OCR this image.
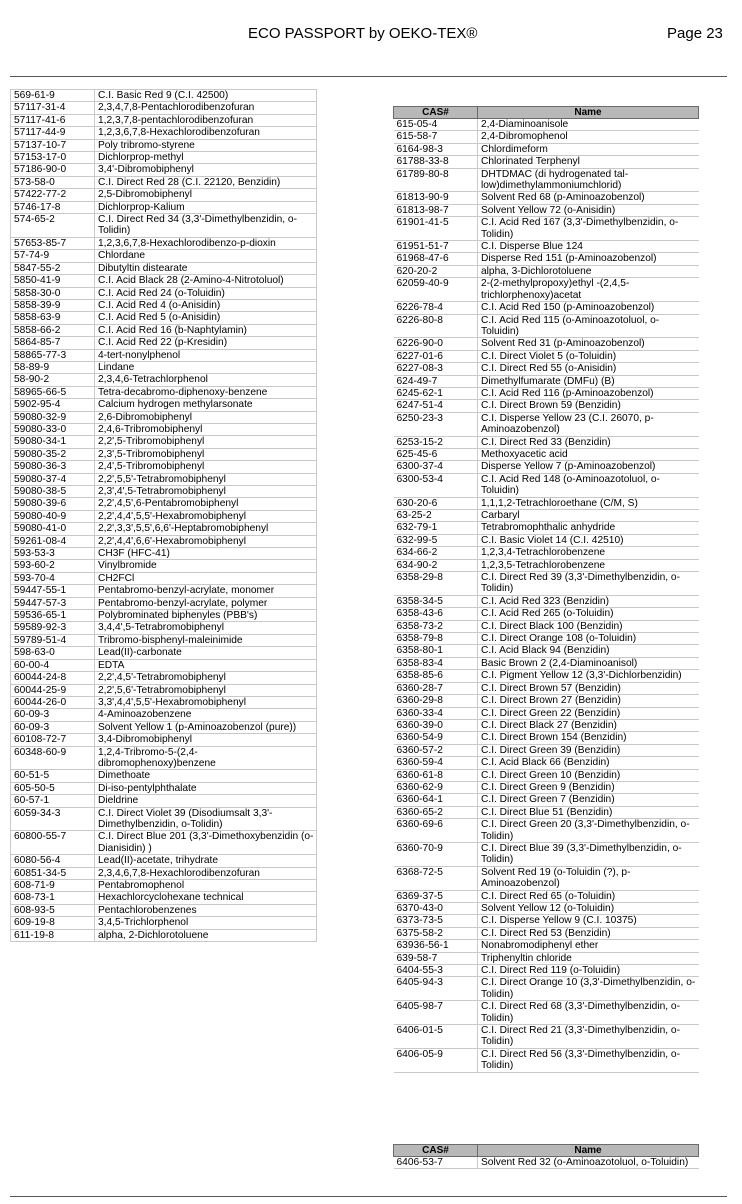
ECO PASSPORT by OEKO-TEX®	Page 23
569-61-9	C.I. Basic Red 9 (C.I. 42500)
57117-31-4	2,3,4,7,8-Pentachlorodibenzofuran
57117-41-6	1,2,3,7,8-pentachlorodibenzofuran
57117-44-9	1,2,3,6,7,8-Hexachlorodibenzofuran
57137-10-7	Poly tribromo-styrene
57153-17-0	Dichlorprop-methyl
57186-90-0	3,4'-Dibromobiphenyl
573-58-0	C.I. Direct Red 28 (C.I. 22120, Benzidin)
57422-77-2	2,5-Dibromobiphenyl
5746-17-8	Dichlorprop-Kalium
574-65-2	C.I. Direct Red 34 (3,3'-Dimethylbenzidin, o-Tolidin)
57653-85-7	1,2,3,6,7,8-Hexachlorodibenzo-p-dioxin
57-74-9	Chlordane
5847-55-2	Dibutyltin distearate
5850-41-9	C.I. Acid Black 28 (2-Amino-4-Nitrotoluol)
5858-30-0	C.I. Acid Red 24 (o-Toluidin)
5858-39-9	C.I. Acid Red 4 (o-Anisidin)
5858-63-9	C.I. Acid Red 5 (o-Anisidin)
5858-66-2	C.I. Acid Red 16 (b-Naphtylamin)
5864-85-7	C.I. Acid Red 22 (p-Kresidin)
58865-77-3	4-tert-nonylphenol
58-89-9	Lindane
58-90-2	2,3,4,6-Tetrachlorphenol
58965-66-5	Tetra-decabromo-diphenoxy-benzene
5902-95-4	Calcium hydrogen methylarsonate
59080-32-9	2,6-Dibromobiphenyl
59080-33-0	2,4,6-Tribromobiphenyl
59080-34-1	2,2',5-Tribromobiphenyl
59080-35-2	2,3',5-Tribromobiphenyl
59080-36-3	2,4',5-Tribromobiphenyl
59080-37-4	2,2',5,5'-Tetrabromobiphenyl
59080-38-5	2,3',4',5-Tetrabromobiphenyl
59080-39-6	2,2',4,5',6-Pentabromobiphenyl
59080-40-9	2,2',4,4',5,5'-Hexabromobiphenyl
59080-41-0	2,2',3,3',5,5',6,6'-Heptabromobiphenyl
59261-08-4	2,2',4,4',6,6'-Hexabromobiphenyl
593-53-3	CH3F (HFC-41)
593-60-2	Vinylbromide
593-70-4	CH2FCl
59447-55-1	Pentabromo-benzyl-acrylate, monomer
59447-57-3	Pentabromo-benzyl-acrylate, polymer
59536-65-1	Polybrominated biphenyles (PBB's)
59589-92-3	3,4,4',5-Tetrabromobiphenyl
59789-51-4	Tribromo-bisphenyl-maleinimide
598-63-0	Lead(II)-carbonate
60-00-4	EDTA
60044-24-8	2,2',4,5'-Tetrabromobiphenyl
60044-25-9	2,2',5,6'-Tetrabromobiphenyl
60044-26-0	3,3',4,4',5,5'-Hexabromobiphenyl
60-09-3	4-Aminoazobenzene
60-09-3	Solvent Yellow 1 (p-Aminoazobenzol (pure))
60108-72-7	3,4-Dibromobiphenyl
60348-60-9	1,2,4-Tribromo-5-(2,4-dibromophenoxy)benzene
60-51-5	Dimethoate
605-50-5	Di-iso-pentylphthalate
60-57-1	Dieldrine
6059-34-3	C.I. Direct Violet 39 (Disodiumsalt 3,3'-Dimethylbenzidin, o-Tolidin)
60800-55-7	C.I. Direct Blue 201 (3,3'-Dimethoxybenzidin (o-Dianisidin) )
6080-56-4	Lead(II)-acetate, trihydrate
60851-34-5	2,3,4,6,7,8-Hexachlorodibenzofuran
608-71-9	Pentabromophenol
608-73-1	Hexachlorcyclohexane technical
608-93-5	Pentachlorobenzenes
609-19-8	3,4,5-Trichlorphenol
611-19-8	alpha, 2-Dichlorotoluene
CAS#	Name
615-05-4	2,4-Diaminoanisole
615-58-7	2,4-Dibromophenol
6164-98-3	Chlordimeform
61788-33-8	Chlorinated Terphenyl
61789-80-8	DHTDMAC (di hydrogenated tal-low)dimethylammoniumchlorid)
61813-90-9	Solvent Red 68 (p-Aminoazobenzol)
61813-98-7	Solvent Yellow 72 (o-Anisidin)
61901-41-5	C.I. Acid Red 167 (3,3'-Dimethylbenzidin, o-Tolidin)
61951-51-7	C.I. Disperse Blue 124
61968-47-6	Disperse Red 151 (p-Aminoazobenzol)
620-20-2	alpha, 3-Dichlorotoluene
62059-40-9	2-(2-methylpropoxy)ethyl -(2,4,5-trichlorphenoxy)acetat
6226-78-4	C.I. Acid Red 150 (p-Aminoazobenzol)
6226-80-8	C.I. Acid Red 115 (o-Aminoazotoluol, o-Toluidin)
6226-90-0	Solvent Red 31 (p-Aminoazobenzol)
6227-01-6	C.I. Direct Violet 5 (o-Toluidin)
6227-08-3	C.I. Direct Red 55 (o-Anisidin)
624-49-7	Dimethylfumarate (DMFu) (B)
6245-62-1	C.I. Acid Red 116 (p-Aminoazobenzol)
6247-51-4	C.I. Direct Brown 59 (Benzidin)
6250-23-3	C.I. Disperse Yellow 23 (C.I. 26070, p-Aminoazobenzol)
6253-15-2	C.I. Direct Red 33 (Benzidin)
625-45-6	Methoxyacetic acid
6300-37-4	Disperse Yellow 7 (p-Aminoazobenzol)
6300-53-4	C.I. Acid Red 148 (o-Aminoazotoluol, o-Toluidin)
630-20-6	1,1,1,2-Tetrachloroethane (C/M, S)
63-25-2	Carbaryl
632-79-1	Tetrabromophthalic anhydride
632-99-5	C.I. Basic Violet 14 (C.I. 42510)
634-66-2	1,2,3,4-Tetrachlorobenzene
634-90-2	1,2,3,5-Tetrachlorobenzene
6358-29-8	C.I. Direct Red 39 (3,3'-Dimethylbenzidin, o-Tolidin)
6358-34-5	C.I. Acid Red 323 (Benzidin)
6358-43-6	C.I. Acid Red 265 (o-Toluidin)
6358-73-2	C.I. Direct Black 100 (Benzidin)
6358-79-8	C.I. Direct Orange 108 (o-Toluidin)
6358-80-1	C.I. Acid Black 94 (Benzidin)
6358-83-4	Basic Brown 2 (2,4-Diaminoanisol)
6358-85-6	C.I. Pigment Yellow 12 (3,3'-Dichlorbenzidin)
6360-28-7	C.I. Direct Brown 57 (Benzidin)
6360-29-8	C.I. Direct Brown 27 (Benzidin)
6360-33-4	C.I. Direct Green 22 (Benzidin)
6360-39-0	C.I. Direct Black 27 (Benzidin)
6360-54-9	C.I. Direct Brown 154 (Benzidin)
6360-57-2	C.I. Direct Green 39 (Benzidin)
6360-59-4	C.I. Acid Black 66 (Benzidin)
6360-61-8	C.I. Direct Green 10 (Benzidin)
6360-62-9	C.I. Direct Green 9 (Benzidin)
6360-64-1	C.I. Direct Green 7 (Benzidin)
6360-65-2	C.I. Direct Blue 51 (Benzidin)
6360-69-6	C.I. Direct Green 20 (3,3'-Dimethylbenzidin, o-Tolidin)
6360-70-9	C.I. Direct Blue 39 (3,3'-Dimethylbenzidin, o-Tolidin)
6368-72-5	Solvent Red 19 (o-Toluidin (?), p-Aminoazobenzol)
6369-37-5	C.I. Direct Red 65 (o-Toluidin)
6370-43-0	Solvent Yellow 12 (o-Toluidin)
6373-73-5	C.I. Disperse Yellow 9 (C.I. 10375)
6375-58-2	C.I. Direct Red 53 (Benzidin)
63936-56-1	Nonabromodiphenyl ether
639-58-7	Triphenyltin chloride
6404-55-3	C.I. Direct Red 119 (o-Toluidin)
6405-94-3	C.I. Direct Orange 10 (3,3'-Dimethylbenzidin, o-Tolidin)
6405-98-7	C.I. Direct Red 68 (3,3'-Dimethylbenzidin, o-Tolidin)
6406-01-5	C.I. Direct Red 21 (3,3'-Dimethylbenzidin, o-Tolidin)
6406-05-9	C.I. Direct Red 56 (3,3'-Dimethylbenzidin, o-Tolidin)
CAS#	Name
6406-53-7	Solvent Red 32 (o-Aminoazotoluol, o-Toluidin)
